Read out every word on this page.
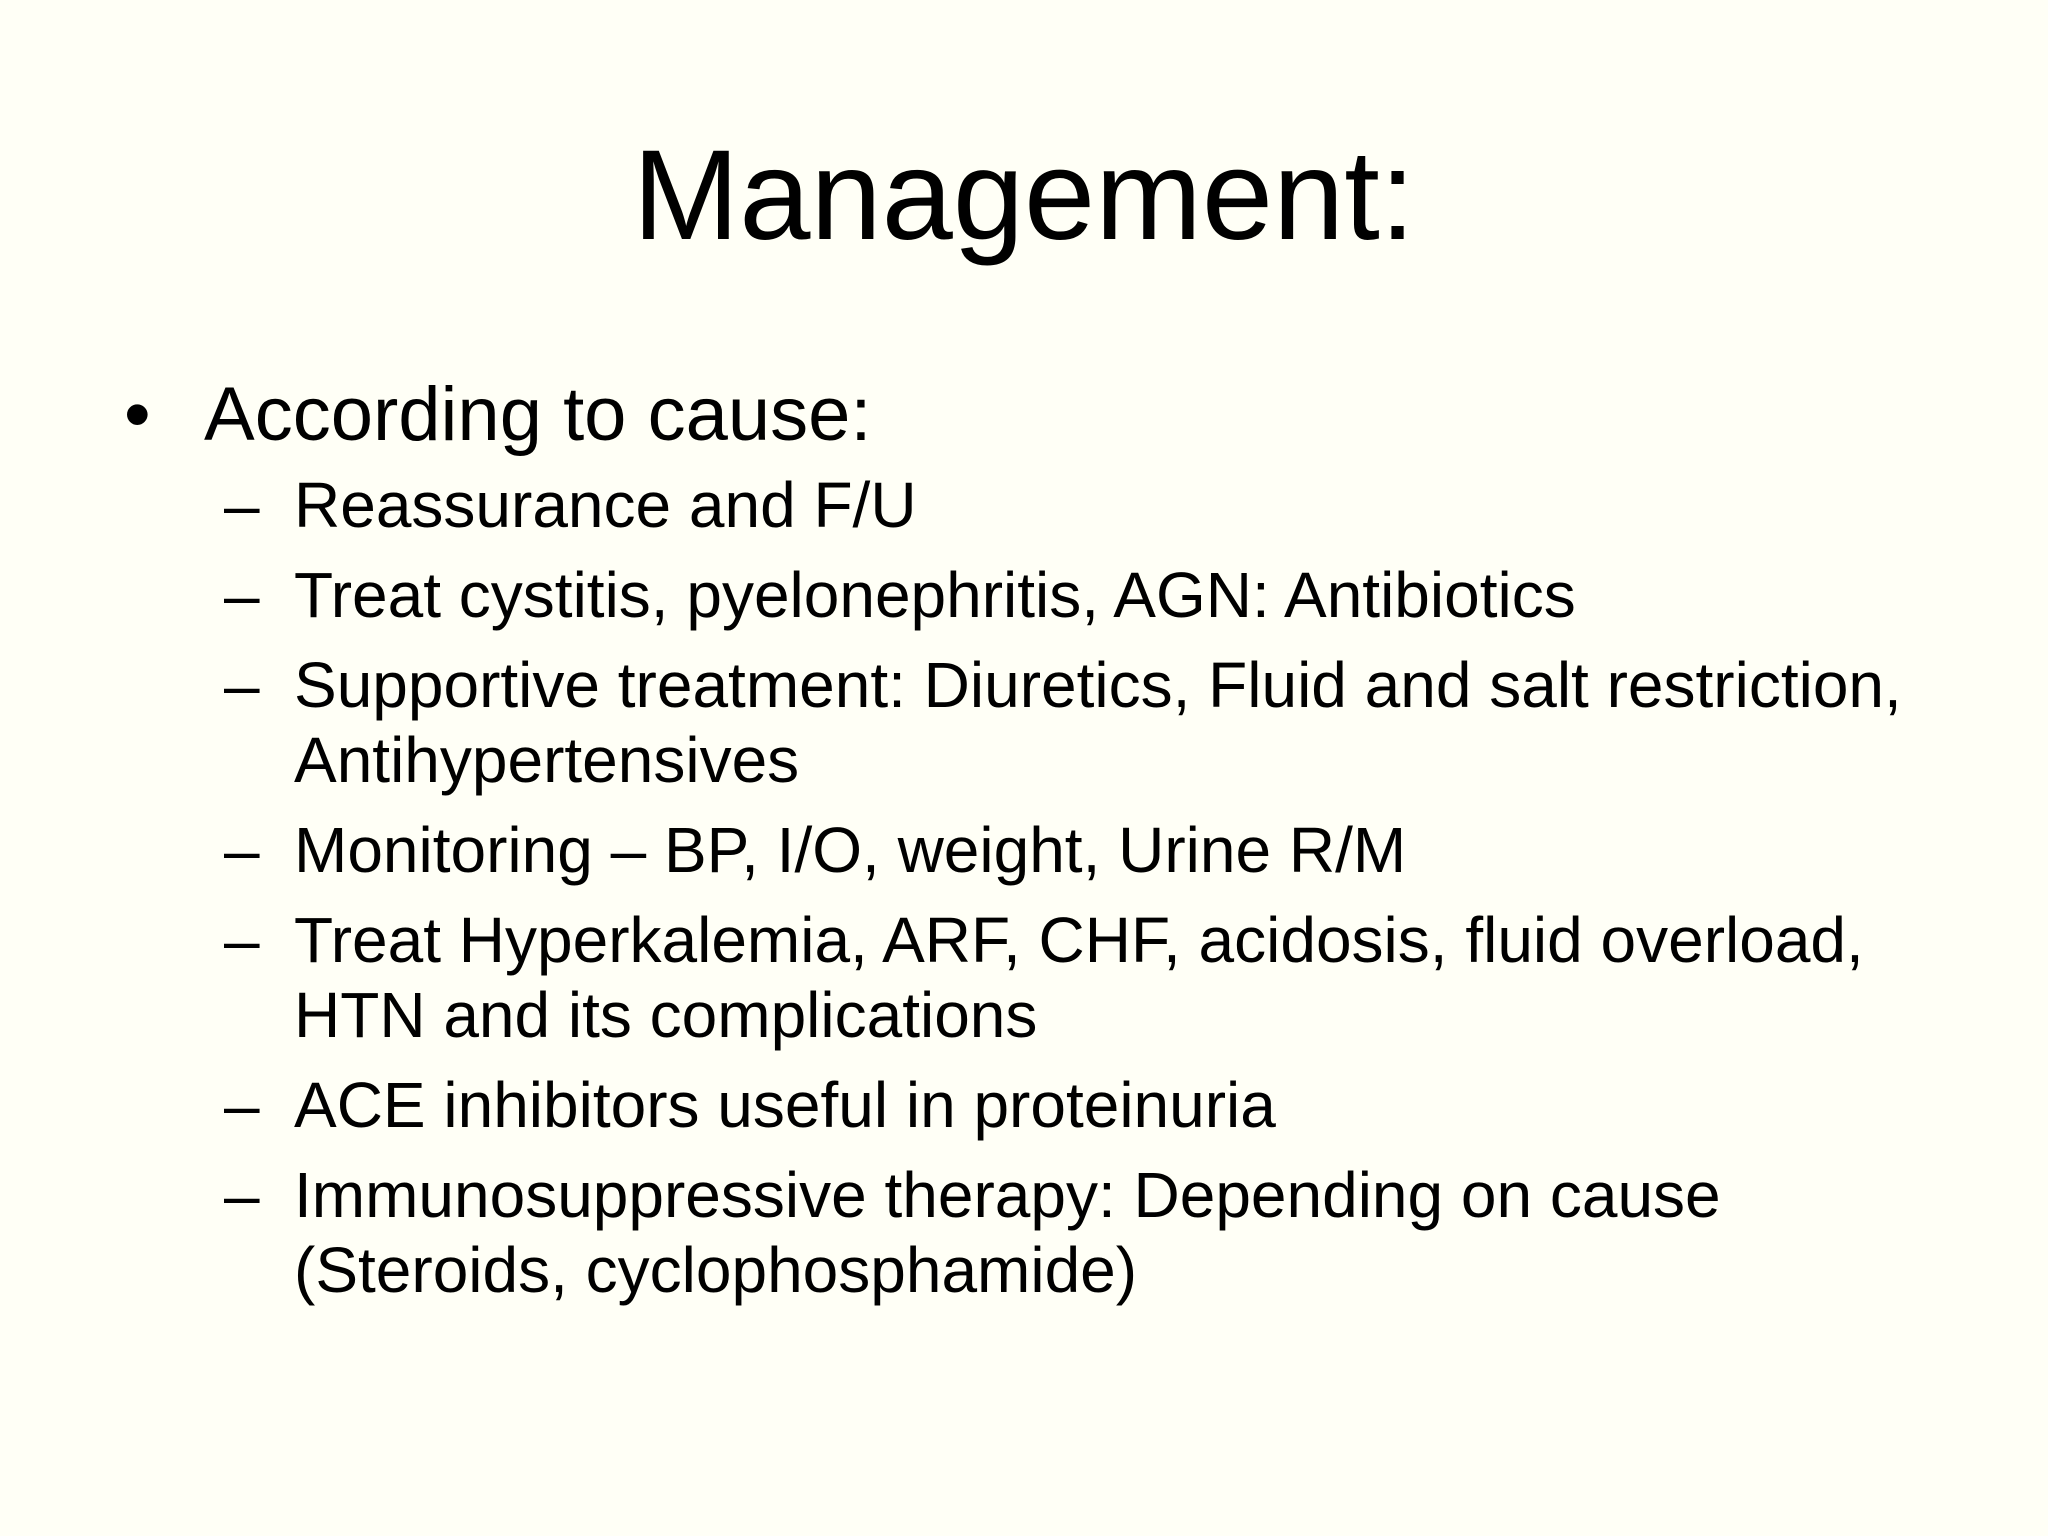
Management:
• According to cause:
– Reassurance and F/U
– Treat cystitis, pyelonephritis, AGN: Antibiotics
– Supportive treatment: Diuretics, Fluid and salt restriction, Antihypertensives
– Monitoring – BP, I/O, weight, Urine R/M
– Treat Hyperkalemia, ARF, CHF, acidosis, fluid overload, HTN and its complications
– ACE inhibitors useful in proteinuria
– Immunosuppressive therapy: Depending on cause (Steroids, cyclophosphamide)
